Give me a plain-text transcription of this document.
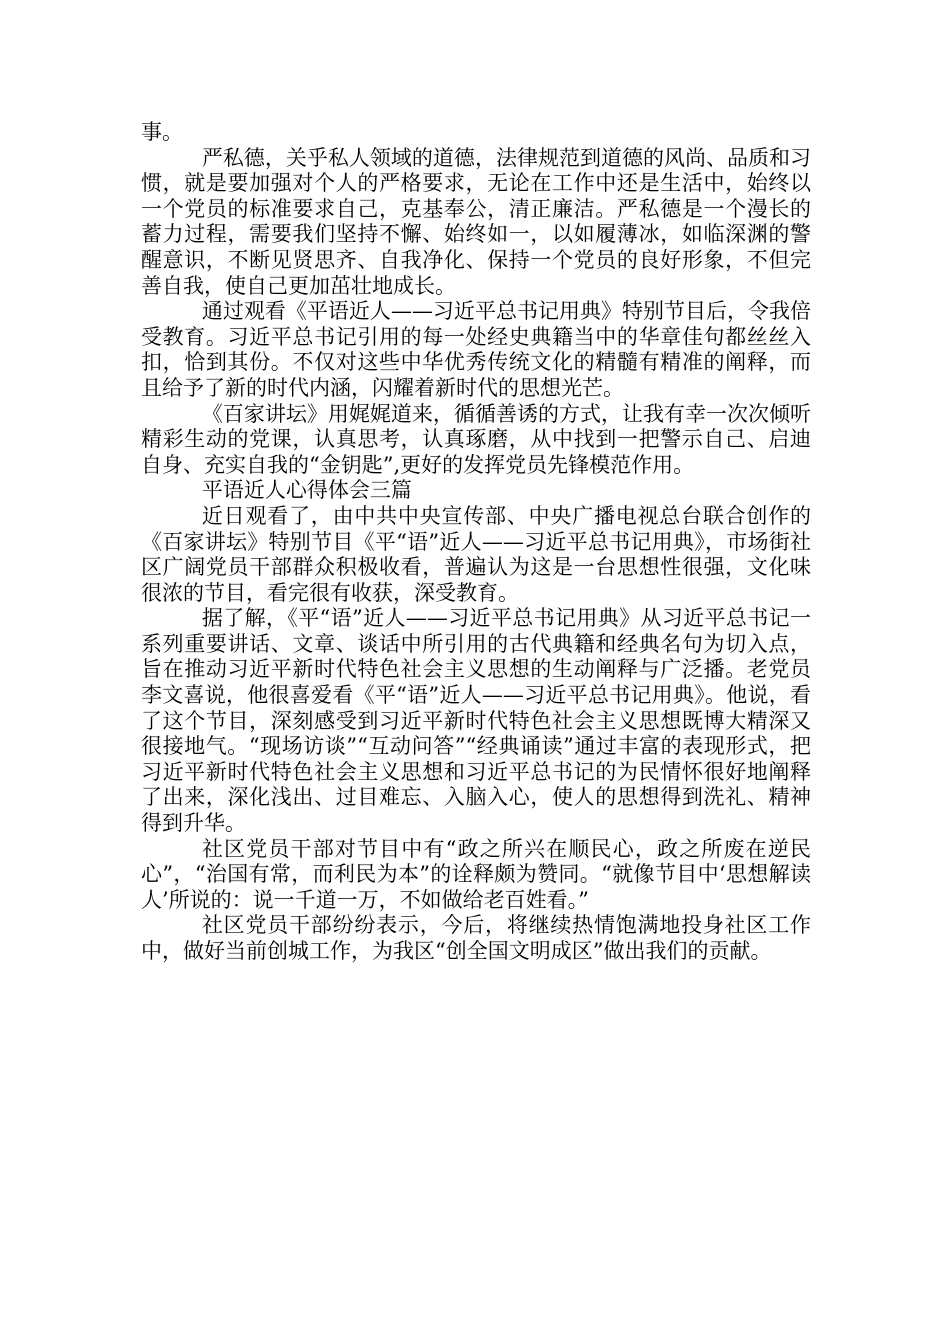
事。

严私德，关乎私人领域的道德，法律规范到道德的风尚、品质和习惯，就是要加强对个人的严格要求，无论在工作中还是生活中，始终以一个党员的标准要求自己，克基奉公，清正廉洁。严私德是一个漫长的蓄力过程，需要我们坚持不懈、始终如一，以如履薄冰，如临深渊的警醒意识，不断见贤思齐、自我净化、保持一个党员的良好形象，不但完善自我，使自己更加茁壮地成长。

通过观看《平语近人——习近平总书记用典》特别节目后，令我倍受教育。习近平总书记引用的每一处经史典籍当中的华章佳句都丝丝入扣，恰到其份。不仅对这些中华优秀传统文化的精髓有精准的阐释，而且给予了新的时代内涵，闪耀着新时代的思想光芒。

《百家讲坛》用娓娓道来，循循善诱的方式，让我有幸一次次倾听精彩生动的党课，认真思考，认真琢磨，从中找到一把警示自己、启迪自身、充实自我的“金钥匙”,更好的发挥党员先锋模范作用。

平语近人心得体会三篇

近日观看了，由中共中央宣传部、中央广播电视总台联合创作的《百家讲坛》特别节目《平“语”近人——习近平总书记用典》，市场街社区广阔党员干部群众积极收看，普遍认为这是一台思想性很强，文化味很浓的节目，看完很有收获，深受教育。

据了解，《平“语”近人——习近平总书记用典》从习近平总书记一系列重要讲话、文章、谈话中所引用的古代典籍和经典名句为切入点，旨在推动习近平新时代特色社会主义思想的生动阐释与广泛播。老党员李文喜说，他很喜爱看《平“语”近人——习近平总书记用典》。他说，看了这个节目，深刻感受到习近平新时代特色社会主义思想既博大精深又很接地气。“现场访谈”“互动问答”“经典诵读”通过丰富的表现形式，把习近平新时代特色社会主义思想和习近平总书记的为民情怀很好地阐释了出来，深化浅出、过目难忘、入脑入心，使人的思想得到洗礼、精神得到升华。

社区党员干部对节目中有“政之所兴在顺民心，政之所废在逆民心”，“治国有常，而利民为本”的诠释颇为赞同。“就像节目中‘思想解读人’所说的：说一千道一万，不如做给老百姓看。”

社区党员干部纷纷表示，今后，将继续热情饱满地投身社区工作中，做好当前创城工作，为我区“创全国文明成区”做出我们的贡献。
